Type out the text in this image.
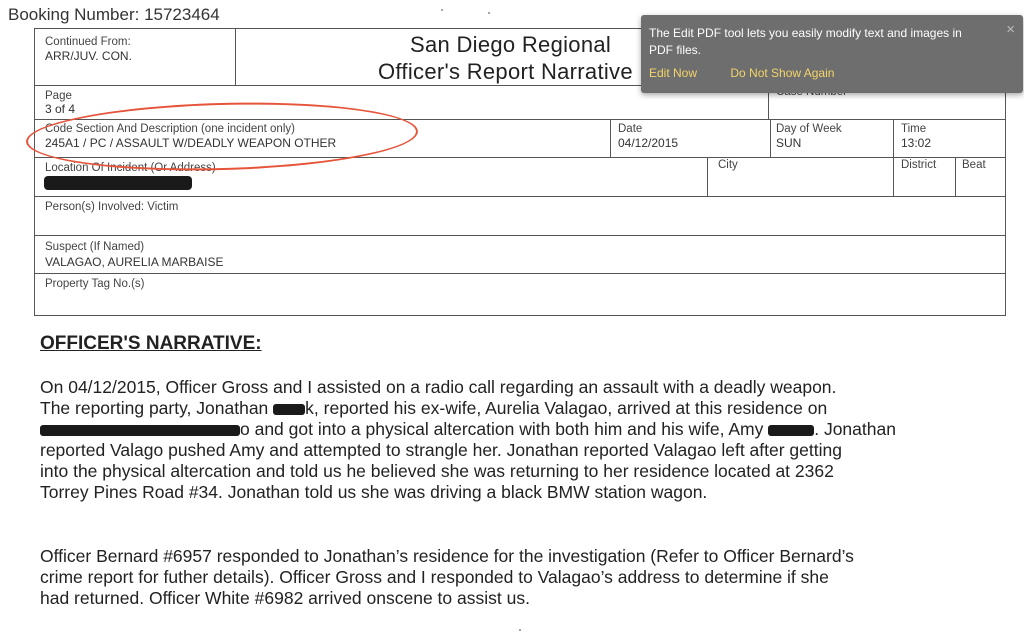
Booking Number: 15723464
Continued From:
ARR/JUV. CON.	San Diego Regional
Officer's Report Narrative
Page
3 of 4
Code Section And Description (one incident only)
245A1 / PC / ASSAULT W/DEADLY WEAPON OTHER
Date
04/12/2015
Day of Week
SUN
Time
13:02
Location Of Incident (Or Address)	City	District Beat
Person(s) Involved: Victim
Suspect (If Named)
VALAGAO, AURELIA MARBAISE
Property Tag No.(s)
OFFICER'S NARRATIVE:

On 04/12/2015, Officer Gross and I assisted on a radio call regarding an assault with a deadly weapon.

The reporting party, Jonathan k, reported his ex-wife, Aurelia Valagao, arrived at this residence on

o and got into a physical altercation with both him and his wife, Amy	. Jonathan

reported Valago pushed Amy and attempted to strangle her. Jonathan reported Valagao left after getting

into the physical altercation and told us he believed she was returning to her residence located at 2362

Torrey Pines Road #34. Jonathan told us she was driving a black BMW station wagon.

Officer Bernard #6957 responded to Jonathan’s residence for the investigation (Refer to Officer Bernard’s

crime report for futher details). Officer Gross and I responded to Valagao’s address to determine if she

had returned. Officer White #6982 arrived onscene to assist us.

The Edit PDF tool lets you easily modify text and images in PDF files.
Edit Now	Do Not Show Again
×
